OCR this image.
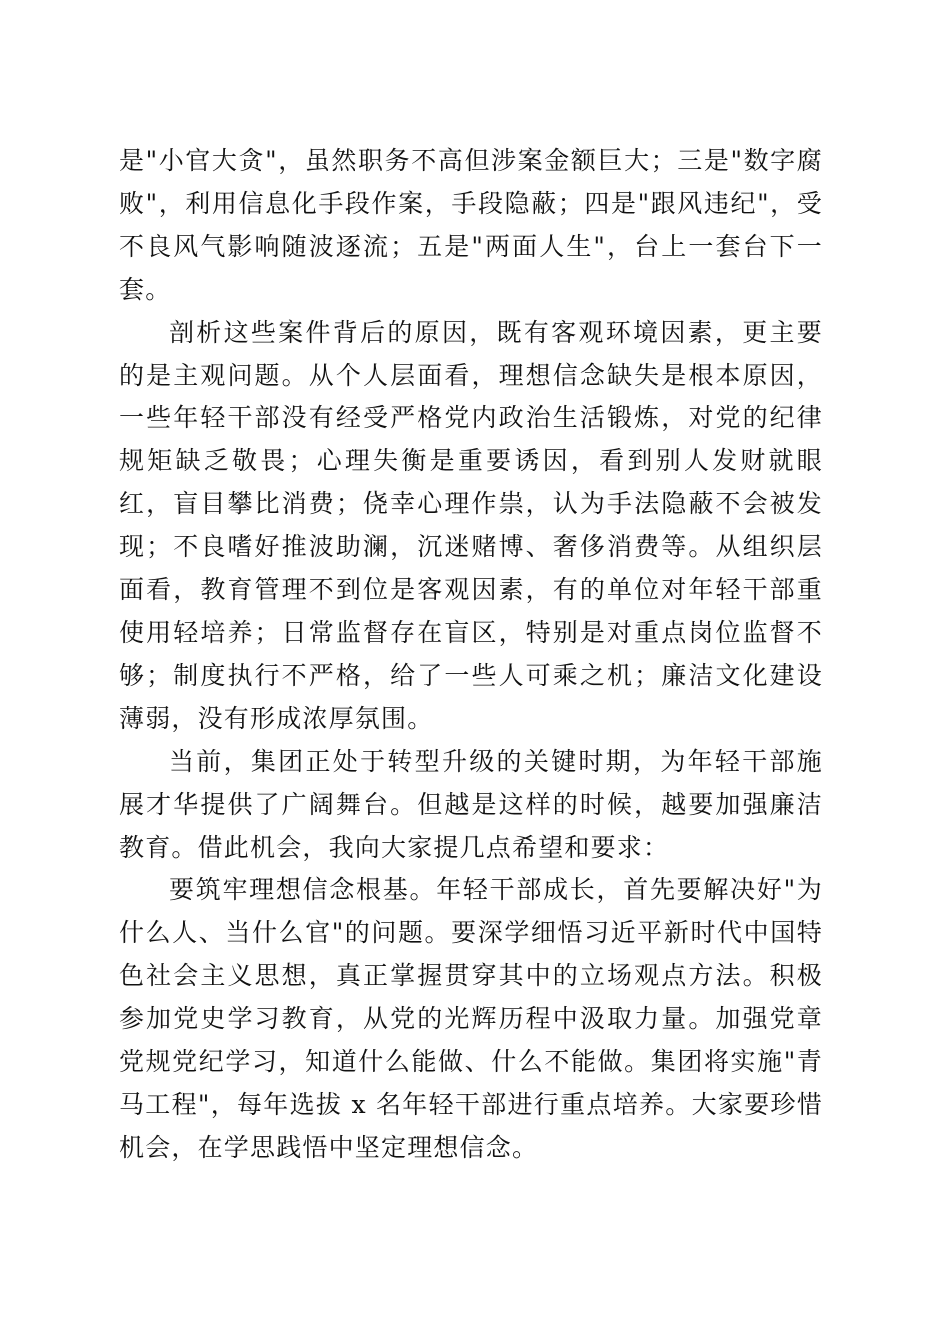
是"小官大贪"，虽然职务不高但涉案金额巨大；三是"数字腐败"，利用信息化手段作案，手段隐蔽；四是"跟风违纪"，受不良风气影响随波逐流；五是"两面人生"，台上一套台下一套。

剖析这些案件背后的原因，既有客观环境因素，更主要的是主观问题。从个人层面看，理想信念缺失是根本原因，一些年轻干部没有经受严格党内政治生活锻炼，对党的纪律规矩缺乏敬畏；心理失衡是重要诱因，看到别人发财就眼红，盲目攀比消费；侥幸心理作祟，认为手法隐蔽不会被发现；不良嗜好推波助澜，沉迷赌博、奢侈消费等。从组织层面看，教育管理不到位是客观因素，有的单位对年轻干部重使用轻培养；日常监督存在盲区，特别是对重点岗位监督不够；制度执行不严格，给了一些人可乘之机；廉洁文化建设薄弱，没有形成浓厚氛围。

当前，集团正处于转型升级的关键时期，为年轻干部施展才华提供了广阔舞台。但越是这样的时候，越要加强廉洁教育。借此机会，我向大家提几点希望和要求：

要筑牢理想信念根基。年轻干部成长，首先要解决好"为什么人、当什么官"的问题。要深学细悟习近平新时代中国特色社会主义思想，真正掌握贯穿其中的立场观点方法。积极参加党史学习教育，从党的光辉历程中汲取力量。加强党章党规党纪学习，知道什么能做、什么不能做。集团将实施"青马工程"，每年选拔 x 名年轻干部进行重点培养。大家要珍惜机会，在学思践悟中坚定理想信念。
